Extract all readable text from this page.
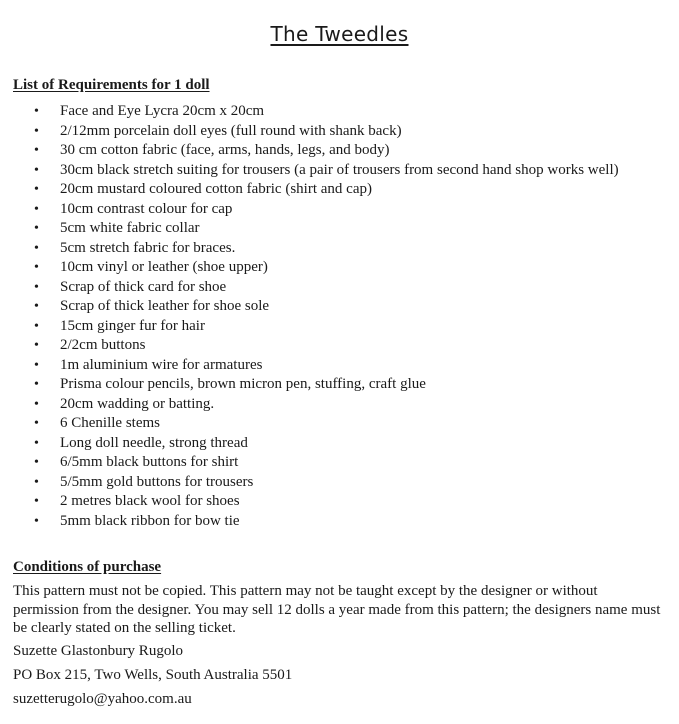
The Tweedles
List of Requirements for 1 doll
• Face and Eye Lycra 20cm x 20cm
• 2/12mm porcelain doll eyes (full round with shank back)
• 30 cm cotton fabric (face, arms, hands, legs, and body)
• 30cm black stretch suiting for trousers (a pair of trousers from second hand shop works well)
• 20cm mustard coloured cotton fabric (shirt and cap)
• 10cm contrast colour for cap
• 5cm white fabric collar
• 5cm stretch fabric for braces.
• 10cm vinyl or leather (shoe upper)
• Scrap of thick card for shoe
• Scrap of thick leather for shoe sole
• 15cm ginger fur for hair
• 2/2cm buttons
• 1m aluminium wire for armatures
• Prisma colour pencils, brown micron pen, stuffing, craft glue
• 20cm wadding or batting.
• 6 Chenille stems
• Long doll needle, strong thread
• 6/5mm black buttons for shirt
• 5/5mm gold buttons for trousers
• 2 metres black wool for shoes
• 5mm black ribbon for bow tie
Conditions of purchase

This pattern must not be copied. This pattern may not be taught except by the designer or without permission from the designer. You may sell 12 dolls a year made from this pattern; the designers name must be clearly stated on the selling ticket.

Suzette Glastonbury Rugolo
PO Box 215, Two Wells, South Australia 5501
suzetterugolo@yahoo.com.au
